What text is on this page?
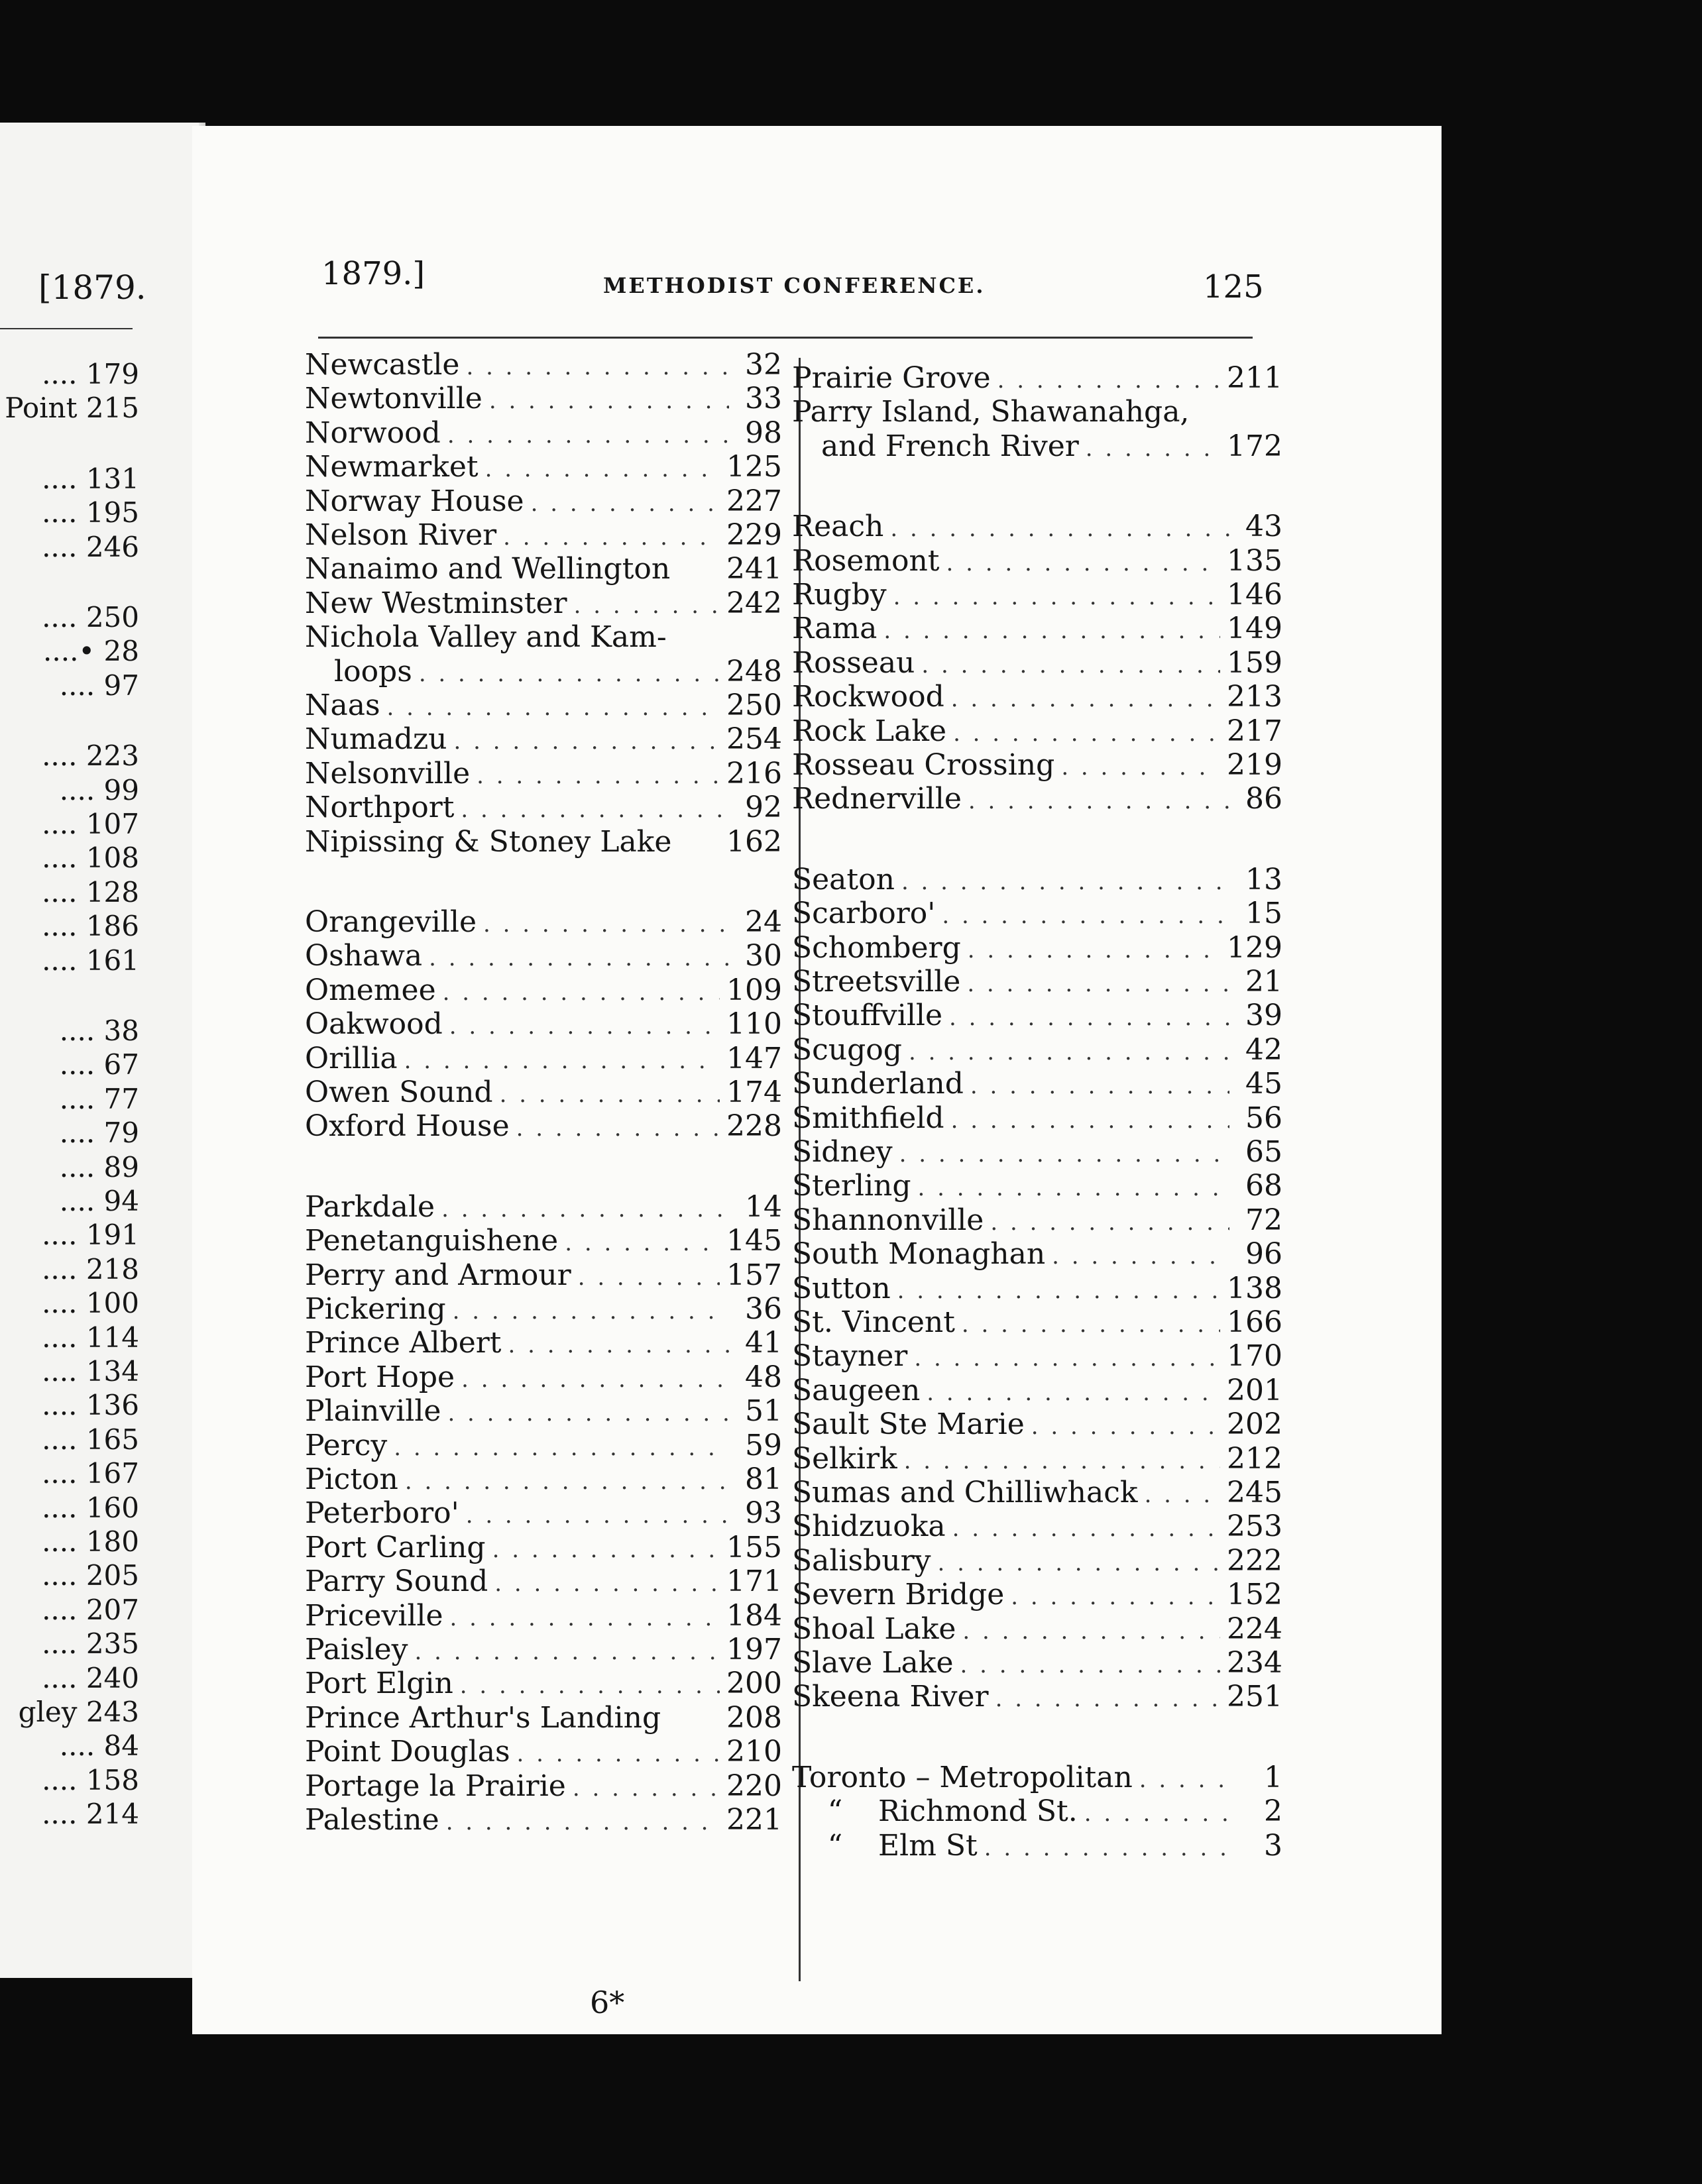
[1879.
.... 179
Point 215
.... 131
.... 195
.... 246
.... 250
....• 28
.... 97
.... 223
.... 99
.... 107
.... 108
.... 128
.... 186
.... 161
.... 38
.... 67
.... 77
.... 79
.... 89
.... 94
.... 191
.... 218
.... 100
.... 114
.... 134
.... 136
.... 165
.... 167
.... 160
.... 180
.... 205
.... 207
.... 235
.... 240
gley 243
.... 84
.... 158
.... 214
1879.]	METHODIST CONFERENCE.	125
Newcastle . . .	32
Newtonville . . .	33
Norwood . . .	98
Newmarket . . .	125
Norway House . . .	227
Nelson River . . .	229
Nanaimo and Wellington 241
New Westminster . . .	242
Nichola Valley and Kam-
loops . . .	248
Naas . . .	250
Numadzu . . .	254
Nelsonville . . .	216
Northport . . .	92
Nipissing & Stoney Lake 162
Orangeville . . .	24
Oshawa . . .	30
Omemee . . .	109
Oakwood . . .	110
Orillia . . .	147
Owen Sound . . .	174
Oxford House . . .	228
Parkdale . . .	14
Penetanguishene . . .	145
Perry and Armour . . .	157
Pickering . . .	36
Prince Albert . . .	41
Port Hope . . .	48
Plainville . . .	51
Percy . . .	59
Picton . . .	81
Peterboro' . . .	93
Port Carling . . .	155
Parry Sound . . .	171
Priceville . . .	184
Paisley . . .	197
Port Elgin . . .	200
Prince Arthur's Landing 208
Point Douglas . . .	210
Portage la Prairie . . .	220
Palestine . . .	221
Prairie Grove . . .	211
Parry Island, Shawanahga,
and French River . . .	172
Reach . . .	43
Rosemont . . .	135
Rugby . . .	146
Rama . . .	149
Rosseau . . .	159
Rockwood . . .	213
Rock Lake . . .	217
Rosseau Crossing . . .	219
Rednerville . . .	86
Seaton . . .	13
Scarboro' . . .	15
Schomberg . . .	129
Streetsville . . .	21
Stouffville . . .	39
Scugog . . .	42
Sunderland . . .	45
Smithfield . . .	56
Sidney . . .	65
Sterling . . .	68
Shannonville . . .	72
South Monaghan . . .	96
Sutton . . .	138
St. Vincent . . .	166
Stayner . . .	170
Saugeen . . .	201
Sault Ste Marie . . .	202
Selkirk . . .	212
Sumas and Chilliwhack . . .	245
Shidzuoka . . .	253
Salisbury . . .	222
Severn Bridge . . .	152
Shoal Lake . . .	224
Slave Lake . . .	234
Skeena River . . .	251
Toronto – Metropolitan . . .	1
“	Richmond St. . . .	2
“	Elm St . . .	3
6*
